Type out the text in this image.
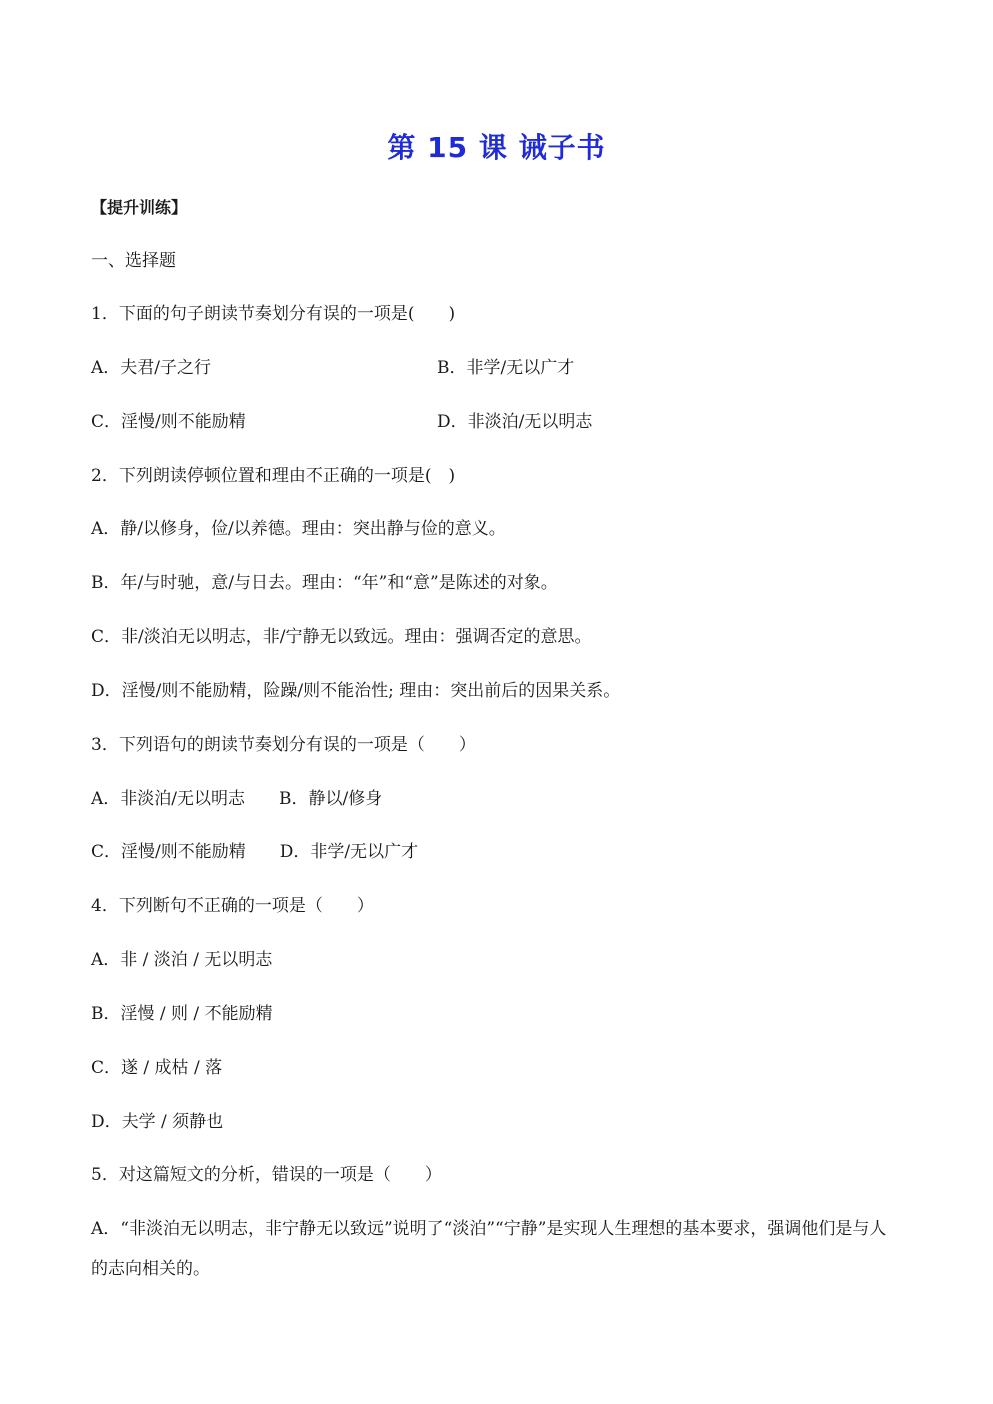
第 15 课 诫子书
【提升训练】
一、选择题
1．下面的句子朗读节奏划分有误的一项是(　　)
A．夫君/子之行	B．非学/无以广才
C．淫慢/则不能励精	D．非淡泊/无以明志
2．下列朗读停顿位置和理由不正确的一项是(　)
A．静/以修身，俭/以养德。理由：突出静与俭的意义。
B．年/与时驰，意/与日去。理由：“年”和“意”是陈述的对象。
C．非/淡泊无以明志，非/宁静无以致远。理由：强调否定的意思。
D．淫慢/则不能励精，险躁/则不能治性; 理由：突出前后的因果关系。
3．下列语句的朗读节奏划分有误的一项是（　　）
A．非淡泊/无以明志　　B．静以/修身
C．淫慢/则不能励精　　D．非学/无以广才
4．下列断句不正确的一项是（　　）
A．非 / 淡泊 / 无以明志
B．淫慢 / 则 / 不能励精
C．遂 / 成枯 / 落
D．夫学 / 须静也
5．对这篇短文的分析，错误的一项是（　　）
A．“非淡泊无以明志，非宁静无以致远”说明了“淡泊”“宁静”是实现人生理想的基本要求，强调他们是与人的志向相关的。
